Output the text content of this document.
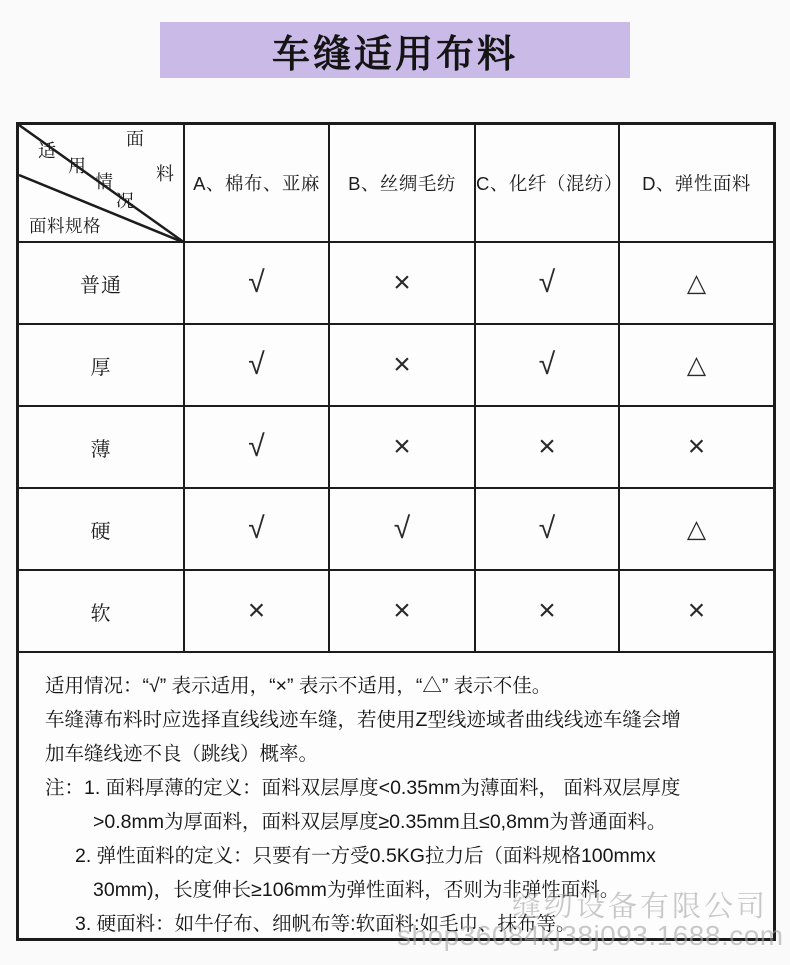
车缝适用布料
面
料
适
用
情
况
面料规格
A、棉布、亚麻	B、丝绸毛纺	C、化纤（混纺）	D、弹性面料
普通	√	×	√	△
厚	√	×	√	△
薄	√	×	×	×
硬	√	√	√	△
软	×	×	×	×
适用情况：“√” 表示适用，“×” 表示不适用，“△” 表示不佳。
车缝薄布料时应选择直线线迹车缝，若使用Z型线迹域者曲线线迹车缝会增
加车缝线迹不良（跳线）概率。
注：1. 面料厚薄的定义：面料双层厚度<0.35mm为薄面料， 面料双层厚度
>0.8mm为厚面料，面料双层厚度≥0.35mm且≤0,8mm为普通面料。
2. 弹性面料的定义：只要有一方受0.5KG拉力后（面料规格100mmx
30mm)，长度伸长≥106mm为弹性面料，否则为非弹性面料。
3. 硬面料：如牛仔布、细帆布等:软面料:如毛巾、抹布等。
缝纫设备有限公司
shop36084kj38j093.1688.com
